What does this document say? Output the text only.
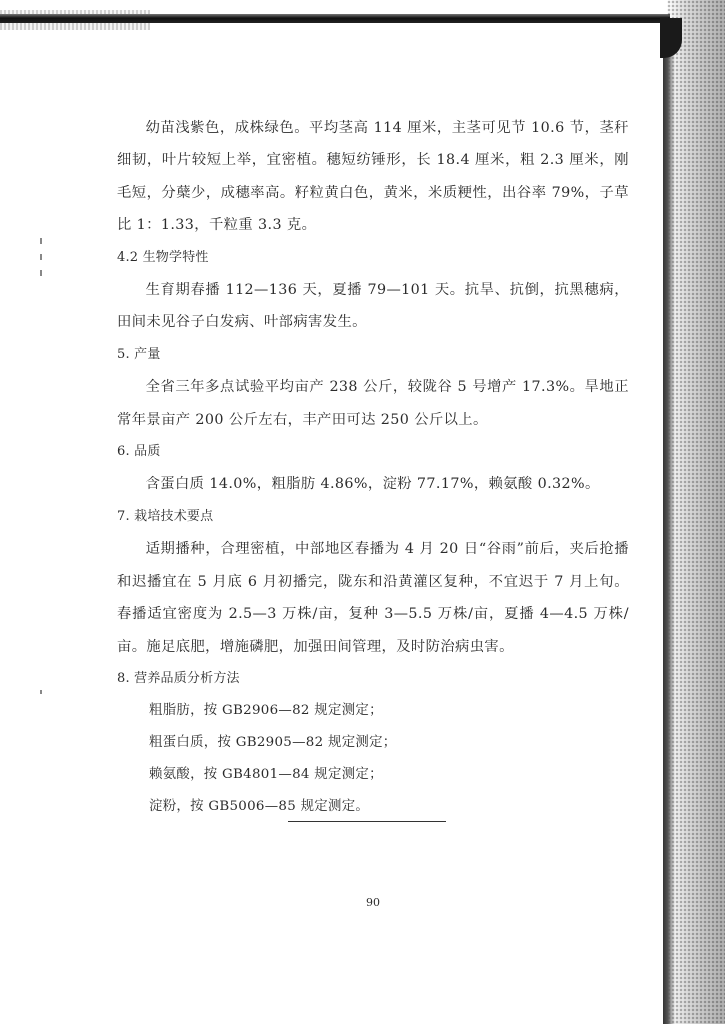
幼苗浅紫色，成株绿色。平均茎高 114 厘米，主茎可见节 10.6 节，茎秆细韧，叶片较短上举，宜密植。穗短纺锤形，长 18.4 厘米，粗 2.3 厘米，刚毛短，分蘖少，成穗率高。籽粒黄白色，黄米，米质粳性，出谷率 79%，子草比 1：1.33，千粒重 3.3 克。

4.2 生物学特性

生育期春播 112—136 天，夏播 79—101 天。抗旱、抗倒，抗黑穗病，田间未见谷子白发病、叶部病害发生。

5. 产量

全省三年多点试验平均亩产 238 公斤，较陇谷 5 号增产 17.3%。旱地正常年景亩产 200 公斤左右，丰产田可达 250 公斤以上。

6. 品质

含蛋白质 14.0%，粗脂肪 4.86%，淀粉 77.17%，赖氨酸 0.32%。

7. 栽培技术要点

适期播种，合理密植，中部地区春播为 4 月 20 日“谷雨”前后，夹后抢播和迟播宜在 5 月底 6 月初播完，陇东和沿黄灌区复种，不宜迟于 7 月上旬。春播适宜密度为 2.5—3 万株/亩，复种 3—5.5 万株/亩，夏播 4—4.5 万株/亩。施足底肥，增施磷肥，加强田间管理，及时防治病虫害。

8. 营养品质分析方法

粗脂肪，按 GB2906—82 规定测定；

粗蛋白质，按 GB2905—82 规定测定；

赖氨酸，按 GB4801—84 规定测定；

淀粉，按 GB5006—85 规定测定。

90
